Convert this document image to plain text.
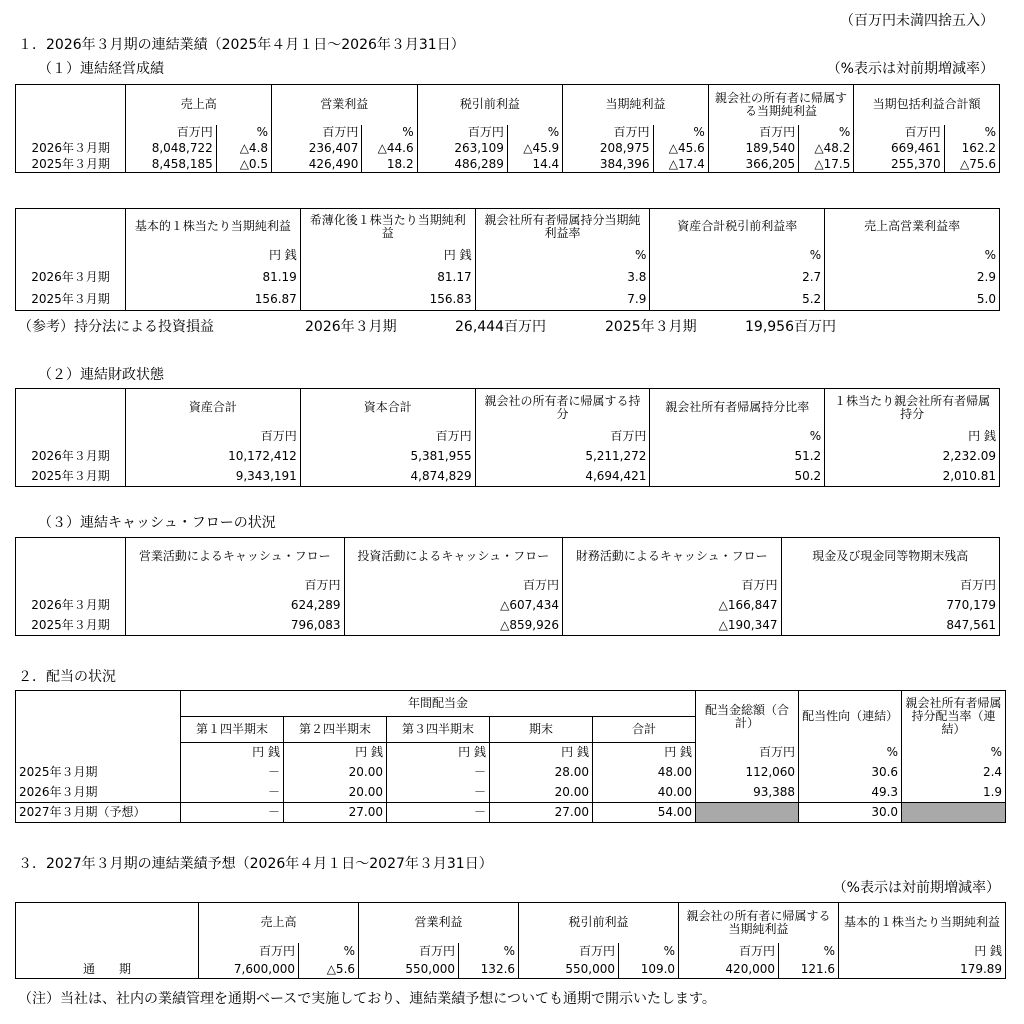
（百万円未満四捨五入）
１．2026年３月期の連結業績（2025年４月１日～2026年３月31日）
（１）連結経営成績	（%表示は対前期増減率）
	売上高		営業利益		税引前利益		当期純利益		親会社の所有者に帰属する当期純利益		当期包括利益合計額	
	百万円	%	百万円	%	百万円	%	百万円	%	百万円	%	百万円	%
2026年３月期	8,048,722	△4.8	236,407	△44.6	263,109	△45.9	208,975	△45.6	189,540	△48.2	669,461	162.2
2025年３月期	8,458,185	△0.5	426,490	18.2	486,289	14.4	384,396	△17.4	366,205	△17.5	255,370	△75.6
	基本的１株当たり当期純利益	希薄化後１株当たり当期純利益	親会社所有者帰属持分当期純利益率	資産合計税引前利益率	売上高営業利益率
	円 銭	円 銭	%	%	%
2026年３月期	81.19	81.17	3.8	2.7	2.9
2025年３月期	156.87	156.83	7.9	5.2	5.0
（参考）持分法による投資損益	2026年３月期	26,444百万円	2025年３月期	19,956百万円
（２）連結財政状態
	資産合計	資本合計	親会社の所有者に帰属する持分	親会社所有者帰属持分比率	１株当たり親会社所有者帰属持分
	百万円	百万円	百万円	%	円 銭
2026年３月期	10,172,412	5,381,955	5,211,272	51.2	2,232.09
2025年３月期	9,343,191	4,874,829	4,694,421	50.2	2,010.81
（３）連結キャッシュ・フローの状況
	営業活動によるキャッシュ・フロー	投資活動によるキャッシュ・フロー	財務活動によるキャッシュ・フロー	現金及び現金同等物期末残高
	百万円	百万円	百万円	百万円
2026年３月期	624,289	△607,434	△166,847	770,179
2025年３月期	796,083	△859,926	△190,347	847,561
２．配当の状況
	年間配当金					配当金総額（合計）	配当性向（連結）	親会社所有者帰属持分配当率（連結）
	第１四半期末	第２四半期末	第３四半期末	期末	合計			
	円 銭	円 銭	円 銭	円 銭	円 銭	百万円	%	%
2025年３月期	－	20.00	－	28.00	48.00	112,060	30.6	2.4
2026年３月期	－	20.00	－	20.00	40.00	93,388	49.3	1.9
2027年３月期（予想）	－	27.00	－	27.00	54.00		30.0	
３．2027年３月期の連結業績予想（2026年４月１日～2027年３月31日）
（%表示は対前期増減率）
	売上高		営業利益		税引前利益		親会社の所有者に帰属する当期純利益		基本的１株当たり当期純利益
	百万円	%	百万円	%	百万円	%	百万円	%	円 銭
通　　期	7,600,000	△5.6	550,000	132.6	550,000	109.0	420,000	121.6	179.89
（注）当社は、社内の業績管理を通期ベースで実施しており、連結業績予想についても通期で開示いたします。
